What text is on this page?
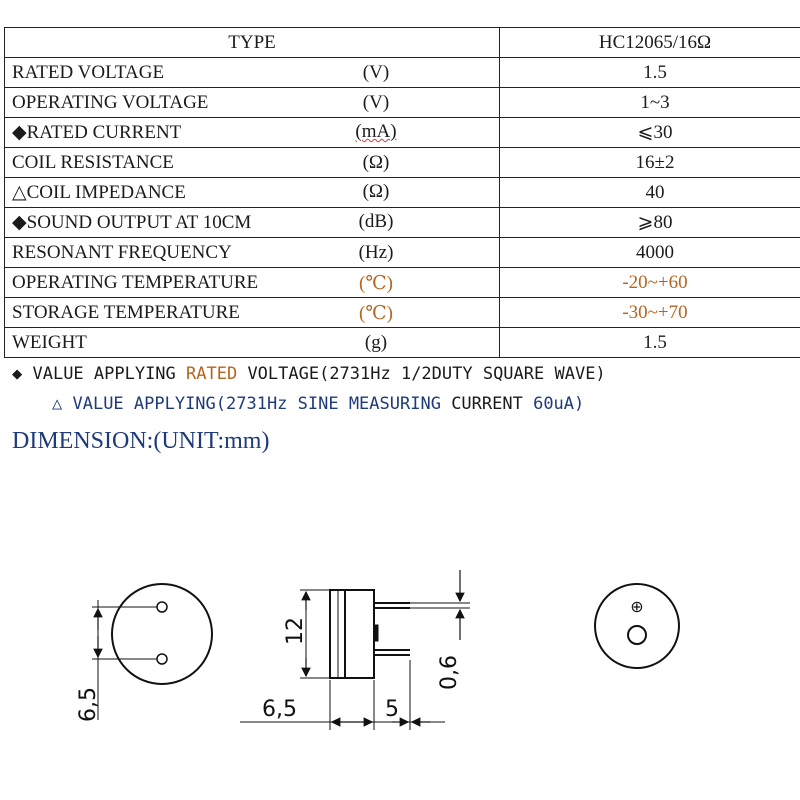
TYPE	HC12065/16Ω

RATED VOLTAGE (V)	1.5

OPERATING VOLTAGE (V)	1~3

◆RATED CURRENT (mA)	⩽30

COIL RESISTANCE (Ω)	16±2

△COIL IMPEDANCE (Ω)	40

◆SOUND OUTPUT AT 10CM (dB)	⩾80

RESONANT FREQUENCY (Hz)	4000

OPERATING TEMPERATURE (℃)	-20~+60

STORAGE TEMPERATURE (℃)	-30~+70

WEIGHT (g)	1.5
◆ VALUE APPLYING RATED VOLTAGE(2731Hz 1/2DUTY SQUARE WAVE)
△ VALUE APPLYING(2731Hz SINE MEASURING CURRENT 60uA)
DIMENSION:(UNIT:mm)
6,5
12
6,5	5
0,6
⊕
